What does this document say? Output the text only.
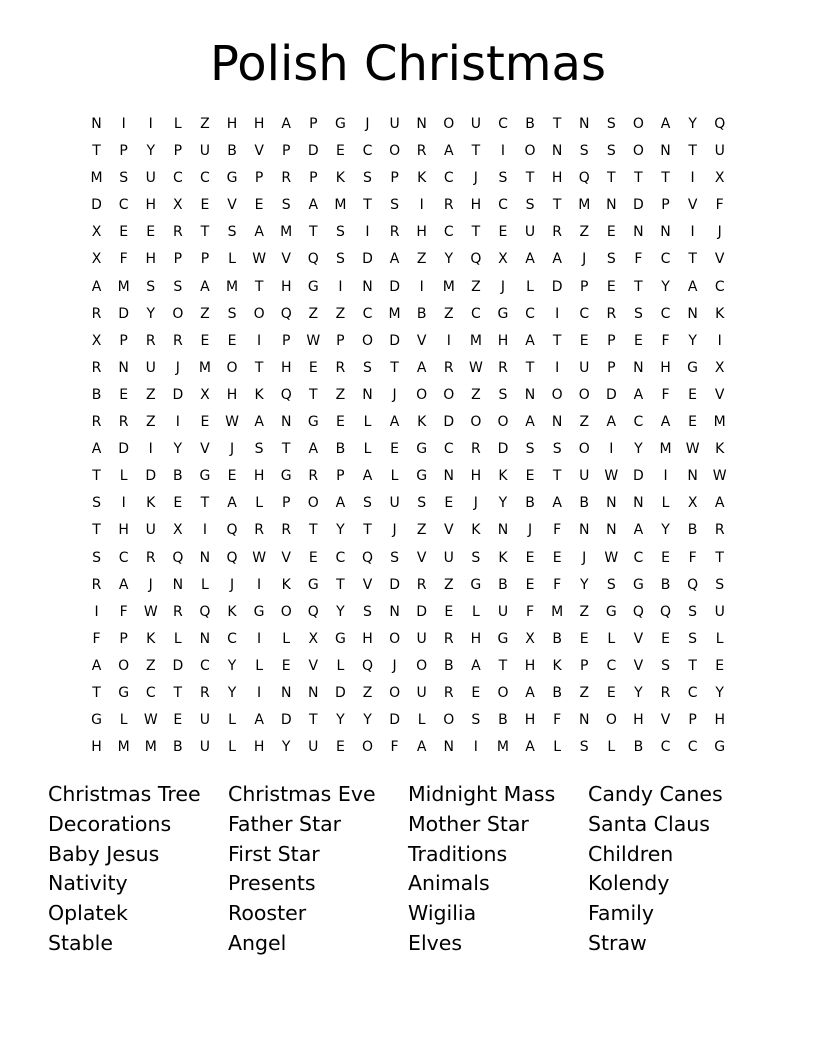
Polish Christmas
N	I	I	L	Z	H	H	A	P	G	J	U	N	O	U	C	B	T	N	S	O	A	Y	Q
T	P	Y	P	U	B	V	P	D	E	C	O	R	A	T	I	O	N	S	S	O	N	T	U
M	S	U	C	C	G	P	R	P	K	S	P	K	C	J	S	T	H	Q	T	T	T	I	X
D	C	H	X	E	V	E	S	A	M	T	S	I	R	H	C	S	T	M	N	D	P	V	F
X	E	E	R	T	S	A	M	T	S	I	R	H	C	T	E	U	R	Z	E	N	N	I	J
X	F	H	P	P	L	W	V	Q	S	D	A	Z	Y	Q	X	A	A	J	S	F	C	T	V
A	M	S	S	A	M	T	H	G	I	N	D	I	M	Z	J	L	D	P	E	T	Y	A	C
R	D	Y	O	Z	S	O	Q	Z	Z	C	M	B	Z	C	G	C	I	C	R	S	C	N	K
X	P	R	R	E	E	I	P	W	P	O	D	V	I	M	H	A	T	E	P	E	F	Y	I
R	N	U	J	M	O	T	H	E	R	S	T	A	R	W	R	T	I	U	P	N	H	G	X
B	E	Z	D	X	H	K	Q	T	Z	N	J	O	O	Z	S	N	O	O	D	A	F	E	V
R	R	Z	I	E	W	A	N	G	E	L	A	K	D	O	O	A	N	Z	A	C	A	E	M
A	D	I	Y	V	J	S	T	A	B	L	E	G	C	R	D	S	S	O	I	Y	M	W	K
T	L	D	B	G	E	H	G	R	P	A	L	G	N	H	K	E	T	U	W	D	I	N	W
S	I	K	E	T	A	L	P	O	A	S	U	S	E	J	Y	B	A	B	N	N	L	X	A
T	H	U	X	I	Q	R	R	T	Y	T	J	Z	V	K	N	J	F	N	N	A	Y	B	R
S	C	R	Q	N	Q	W	V	E	C	Q	S	V	U	S	K	E	E	J	W	C	E	F	T
R	A	J	N	L	J	I	K	G	T	V	D	R	Z	G	B	E	F	Y	S	G	B	Q	S
I	F	W	R	Q	K	G	O	Q	Y	S	N	D	E	L	U	F	M	Z	G	Q	Q	S	U
F	P	K	L	N	C	I	L	X	G	H	O	U	R	H	G	X	B	E	L	V	E	S	L
A	O	Z	D	C	Y	L	E	V	L	Q	J	O	B	A	T	H	K	P	C	V	S	T	E
T	G	C	T	R	Y	I	N	N	D	Z	O	U	R	E	O	A	B	Z	E	Y	R	C	Y
G	L	W	E	U	L	A	D	T	Y	Y	D	L	O	S	B	H	F	N	O	H	V	P	H
H	M	M	B	U	L	H	Y	U	E	O	F	A	N	I	M	A	L	S	L	B	C	C	G
Christmas Tree	Christmas Eve	Midnight Mass	Candy Canes
Decorations	Father Star	Mother Star	Santa Claus
Baby Jesus	First Star	Traditions	Children
Nativity	Presents	Animals	Kolendy
Oplatek	Rooster	Wigilia	Family
Stable	Angel	Elves	Straw
